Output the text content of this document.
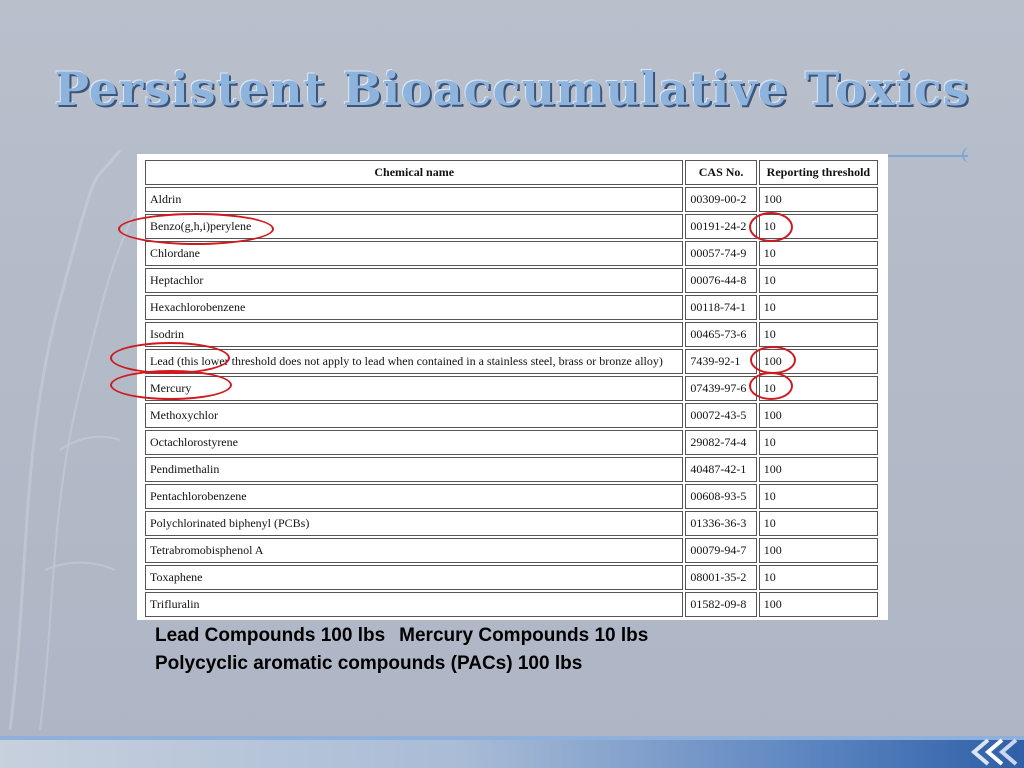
Persistent Bioaccumulative Toxics
Chemical name	CAS No.	Reporting threshold
Aldrin	00309-00-2	100
Benzo(g,h,i)perylene	00191-24-2	10
Chlordane	00057-74-9	10
Heptachlor	00076-44-8	10
Hexachlorobenzene	00118-74-1	10
Isodrin	00465-73-6	10
Lead (this lower threshold does not apply to lead when contained in a stainless steel, brass or bronze alloy)	7439-92-1	100
Mercury	07439-97-6	10
Methoxychlor	00072-43-5	100
Octachlorostyrene	29082-74-4	10
Pendimethalin	40487-42-1	100
Pentachlorobenzene	00608-93-5	10
Polychlorinated biphenyl (PCBs)	01336-36-3	10
Tetrabromobisphenol A	00079-94-7	100
Toxaphene	08001-35-2	10
Trifluralin	01582-09-8	100
Lead Compounds 100 lbs Mercury Compounds 10 lbs
Polycyclic aromatic compounds (PACs) 100 lbs
